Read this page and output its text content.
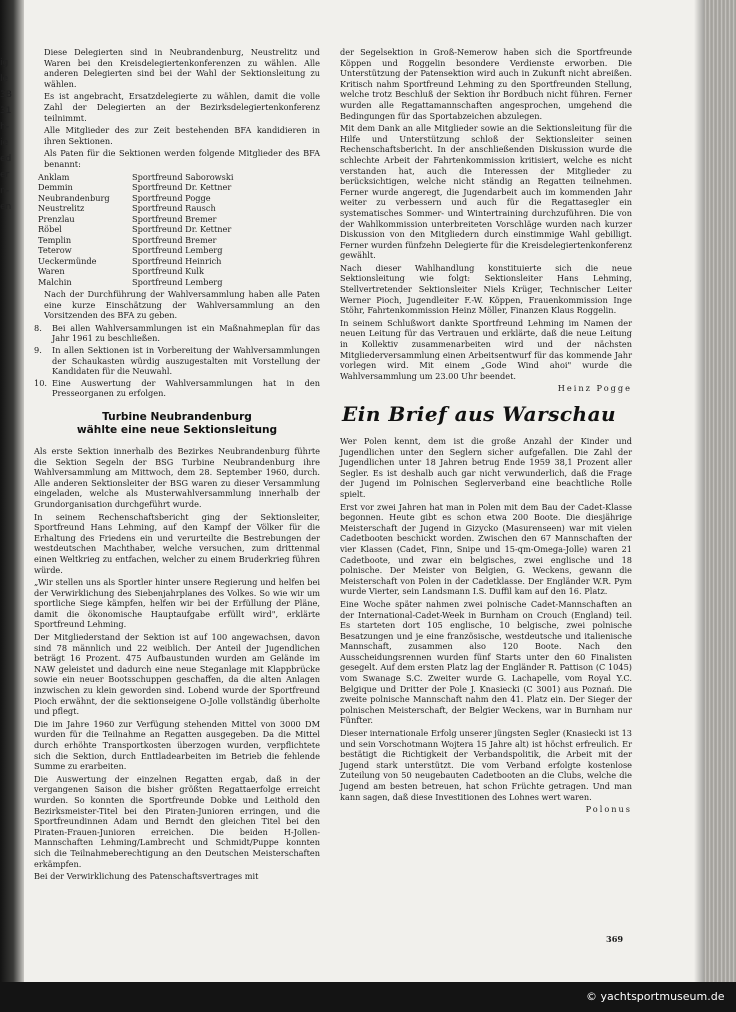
ig
le
3B
31
h-
ie
ed
er
n-
en

Diese Delegierten sind in Neubrandenburg, Neustrelitz und Waren bei den Kreisdelegiertenkonferenzen zu wählen. Alle anderen Delegierten sind bei der Wahl der Sektionsleitung zu wählen.

Es ist angebracht, Ersatzdelegierte zu wählen, damit die volle Zahl der Delegierten an der Bezirksdelegiertenkonferenz teilnimmt.

Alle Mitglieder des zur Zeit bestehenden BFA kandidieren in ihren Sektionen.

Als Paten für die Sektionen werden folgende Mitglieder des BFA benannt:

Anklam	Sportfreund Saborowski
Demmin	Sportfreund Dr. Kettner
Neubrandenburg	Sportfreund Pogge
Neustrelitz	Sportfreund Rausch
Prenzlau	Sportfreund Bremer
Röbel	Sportfreund Dr. Kettner
Templin	Sportfreund Bremer
Teterow	Sportfreund Lemberg
Ueckermünde	Sportfreund Heinrich
Waren	Sportfreund Kulk
Malchin	Sportfreund Lemberg

Nach der Durchführung der Wahlversammlung haben alle Paten eine kurze Einschätzung der Wahlversammlung an den Vorsitzenden des BFA zu geben.

8. Bei allen Wahlversammlungen ist ein Maßnahmeplan für das Jahr 1961 zu beschließen.
9. In allen Sektionen ist in Vorbereitung der Wahlversammlungen der Schaukasten würdig auszugestalten mit Vorstellung der Kandidaten für die Neuwahl.
10. Eine Auswertung der Wahlversammlungen hat in den Presseorganen zu erfolgen.
Turbine Neubrandenburg
wählte eine neue Sektionsleitung

Als erste Sektion innerhalb des Bezirkes Neubrandenburg führte die Sektion Segeln der BSG Turbine Neubrandenburg ihre Wahlversammlung am Mittwoch, dem 28. September 1960, durch. Alle anderen Sektionsleiter der BSG waren zu dieser Versammlung eingeladen, welche als Musterwahlversammlung innerhalb der Grundorganisation durchgeführt wurde.

In seinem Rechenschaftsbericht ging der Sektionsleiter, Sportfreund Hans Lehming, auf den Kampf der Völker für die Erhaltung des Friedens ein und verurteilte die Bestrebungen der westdeutschen Machthaber, welche versuchen, zum drittenmal einen Weltkrieg zu entfachen, welcher zu einem Bruderkrieg führen würde.

„Wir stellen uns als Sportler hinter unsere Regierung und helfen bei der Verwirklichung des Siebenjahrplanes des Volkes. So wie wir um sportliche Siege kämpfen, helfen wir bei der Erfüllung der Pläne, damit die ökonomische Hauptaufgabe erfüllt wird", erklärte Sportfreund Lehming.

Der Mitgliederstand der Sektion ist auf 100 angewachsen, davon sind 78 männlich und 22 weiblich. Der Anteil der Jugendlichen beträgt 16 Prozent. 475 Aufbaustunden wurden am Gelände im NAW geleistet und dadurch eine neue Steganlage mit Klappbrücke sowie ein neuer Bootsschuppen geschaffen, da die alten Anlagen inzwischen zu klein geworden sind. Lobend wurde der Sportfreund Pioch erwähnt, der die sektionseigene O-Jolle vollständig überholte und pflegt.

Die im Jahre 1960 zur Verfügung stehenden Mittel von 3000 DM wurden für die Teilnahme an Regatten ausgegeben. Da die Mittel durch erhöhte Transportkosten überzogen wurden, verpflichtete sich die Sektion, durch Enttladearbeiten im Betrieb die fehlende Summe zu erarbeiten.

Die Auswertung der einzelnen Regatten ergab, daß in der vergangenen Saison die bisher größten Regattaerfolge erreicht wurden. So konnten die Sportfreunde Dobke und Leithold den Bezirksmeister-Titel bei den Piraten-Junioren erringen, und die Sportfreundinnen Adam und Berndt den gleichen Titel bei den Piraten-Frauen-Junioren erreichen. Die beiden H-Jollen-Mannschaften Lehming/Lambrecht und Schmidt/Puppe konnten sich die Teilnahmeberechtigung an den Deutschen Meisterschaften erkämpfen.

Bei der Verwirklichung des Patenschaftsvertrages mit

der Segelsektion in Groß-Nemerow haben sich die Sportfreunde Köppen und Roggelin besondere Verdienste erworben. Die Unterstützung der Patensektion wird auch in Zukunft nicht abreißen. Kritisch nahm Sportfreund Lehming zu den Sportfreunden Stellung, welche trotz Beschluß der Sektion ihr Bordbuch nicht führen. Ferner wurden alle Regattamannschaften angesprochen, umgehend die Bedingungen für das Sportabzeichen abzulegen.

Mit dem Dank an alle Mitglieder sowie an die Sektionsleitung für die Hilfe und Unterstützung schloß der Sektionsleiter seinen Rechenschaftsbericht. In der anschließenden Diskussion wurde die schlechte Arbeit der Fahrtenkommission kritisiert, welche es nicht verstanden hat, auch die Interessen der Mitglieder zu berücksichtigen, welche nicht ständig an Regatten teilnehmen. Ferner wurde angeregt, die Jugendarbeit auch im kommenden Jahr weiter zu verbessern und auch für die Regattasegler ein systematisches Sommer- und Wintertraining durchzuführen. Die von der Wahlkommission unterbreiteten Vorschläge wurden nach kurzer Diskussion von den Mitgliedern durch einstimmige Wahl gebilligt. Ferner wurden fünfzehn Delegierte für die Kreisdelegiertenkonferenz gewählt.

Nach dieser Wahlhandlung konstituierte sich die neue Sektionsleitung wie folgt: Sektionsleiter Hans Lehming, Stellvertretender Sektionsleiter Niels Krüger, Technischer Leiter Werner Pioch, Jugendleiter F.-W. Köppen, Frauenkommission Inge Stöhr, Fahrtenkommission Heinz Möller, Finanzen Klaus Roggelin.

In seinem Schlußwort dankte Sportfreund Lehming im Namen der neuen Leitung für das Vertrauen und erklärte, daß die neue Leitung in Kollektiv zusammenarbeiten wird und der nächsten Mitgliederversammlung einen Arbeitsentwurf für das kommende Jahr vorlegen wird. Mit einem „Gode Wind ahoi" wurde die Wahlversammlung um 23.00 Uhr beendet.

Heinz Pogge
Ein Brief aus Warschau

Wer Polen kennt, dem ist die große Anzahl der Kinder und Jugendlichen unter den Seglern sicher aufgefallen. Die Zahl der Jugendlichen unter 18 Jahren betrug Ende 1959 38,1 Prozent aller Segler. Es ist deshalb auch gar nicht verwunderlich, daß die Frage der Jugend im Polnischen Seglerverband eine beachtliche Rolle spielt.

Erst vor zwei Jahren hat man in Polen mit dem Bau der Cadet-Klasse begonnen. Heute gibt es schon etwa 200 Boote. Die diesjährige Meisterschaft der Jugend in Gizycko (Masurenseen) war mit vielen Cadetbooten beschickt worden. Zwischen den 67 Mannschaften der vier Klassen (Cadet, Finn, Snipe und 15-qm-Omega-Jolle) waren 21 Cadetboote, und zwar ein belgisches, zwei englische und 18 polnische. Der Meister von Belgien, G. Weckens, gewann die Meisterschaft von Polen in der Cadetklasse. Der Engländer W.R. Pym wurde Vierter, sein Landsmann I.S. Duffil kam auf den 16. Platz.

Eine Woche später nahmen zwei polnische Cadet-Mannschaften an der International-Cadet-Week in Burnham on Crouch (England) teil. Es starteten dort 105 englische, 10 belgische, zwei polnische Besatzungen und je eine französische, westdeutsche und italienische Mannschaft, zusammen also 120 Boote. Nach den Ausscheidungsrennen wurden fünf Starts unter den 60 Finalisten gesegelt. Auf dem ersten Platz lag der Engländer R. Pattison (C 1045) vom Swanage S.C. Zweiter wurde G. Lachapelle, vom Royal Y.C. Belgique und Dritter der Pole J. Knasiecki (C 3001) aus Poznań. Die zweite polnische Mannschaft nahm den 41. Platz ein. Der Sieger der polnischen Meisterschaft, der Belgier Weckens, war in Burnham nur Fünfter.

Dieser internationale Erfolg unserer jüngsten Segler (Knasiecki ist 13 und sein Vorschotmann Wojtera 15 Jahre alt) ist höchst erfreulich. Er bestätigt die Richtigkeit der Verbandspolitik, die Arbeit mit der Jugend stark unterstützt. Die vom Verband erfolgte kostenlose Zuteilung von 50 neugebauten Cadetbooten an die Clubs, welche die Jugend am besten betreuen, hat schon Früchte getragen. Und man kann sagen, daß diese Investitionen des Lohnes wert waren.

Polonus
369
© yachtsportmuseum.de
